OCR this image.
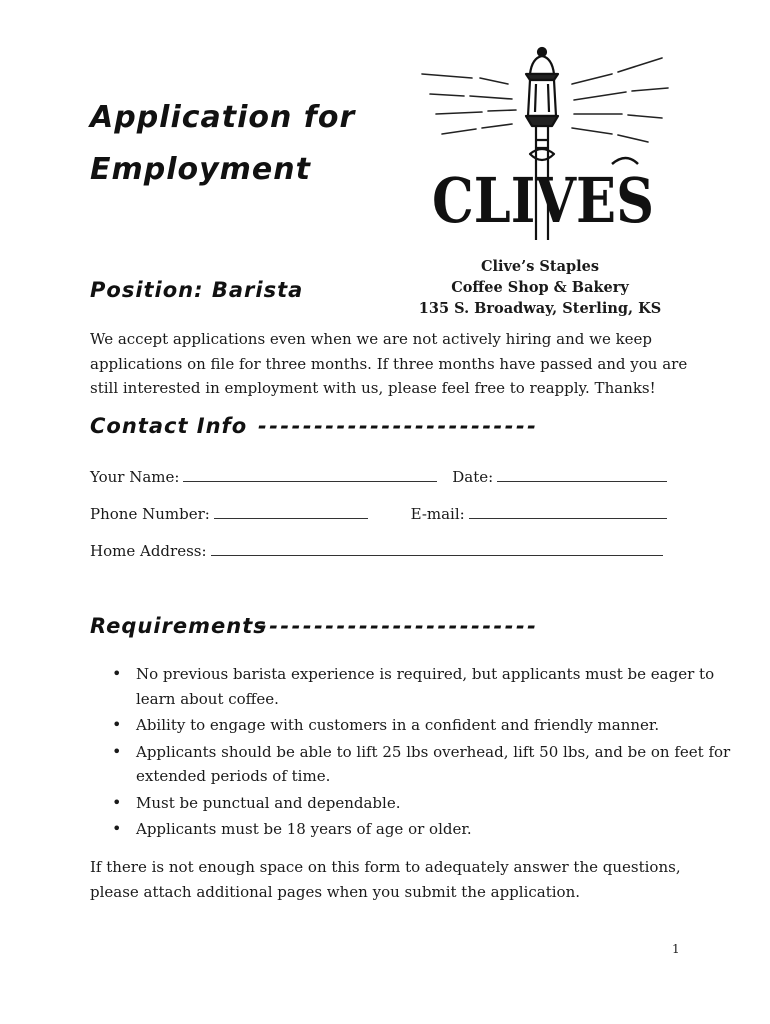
Application for
Employment
Position: Barista
CLIVES
Clive’s Staples
Coffee Shop & Bakery
135 S. Broadway, Sterling, KS
We accept applications even when we are not actively hiring and we keep applications on file for three months. If three months have passed and you are still interested in employment with us, please feel free to reapply. Thanks!
Contact Info -------------------------
Your Name:	Date:
Phone Number:	E-mail:
Home Address:
Requirements
-------------------------
• No previous barista experience is required, but applicants must be eager to learn about coffee.
• Ability to engage with customers in a confident and friendly manner.
• Applicants should be able to lift 25 lbs overhead, lift 50 lbs, and be on feet for extended periods of time.
• Must be punctual and dependable.
• Applicants must be 18 years of age or older.
If there is not enough space on this form to adequately answer the questions, please attach additional pages when you submit the application.
1
